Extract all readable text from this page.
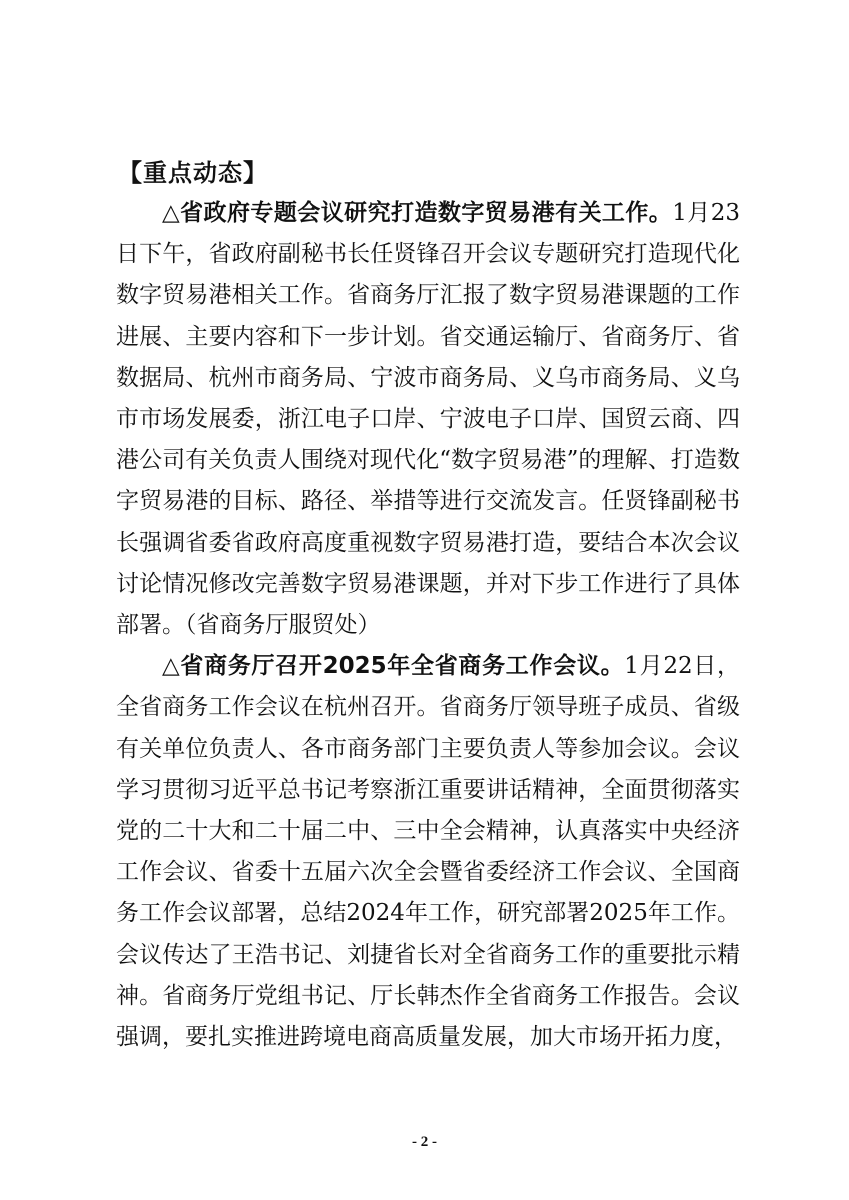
【重点动态】

△省政府专题会议研究打造数字贸易港有关工作。1月23日下午，省政府副秘书长任贤锋召开会议专题研究打造现代化数字贸易港相关工作。省商务厅汇报了数字贸易港课题的工作进展、主要内容和下一步计划。省交通运输厅、省商务厅、省数据局、杭州市商务局、宁波市商务局、义乌市商务局、义乌市市场发展委，浙江电子口岸、宁波电子口岸、国贸云商、四港公司有关负责人围绕对现代化“数字贸易港”的理解、打造数字贸易港的目标、路径、举措等进行交流发言。任贤锋副秘书长强调省委省政府高度重视数字贸易港打造，要结合本次会议讨论情况修改完善数字贸易港课题，并对下步工作进行了具体部署。（省商务厅服贸处）

△省商务厅召开2025年全省商务工作会议。1月22日，全省商务工作会议在杭州召开。省商务厅领导班子成员、省级有关单位负责人、各市商务部门主要负责人等参加会议。会议学习贯彻习近平总书记考察浙江重要讲话精神，全面贯彻落实党的二十大和二十届二中、三中全会精神，认真落实中央经济工作会议、省委十五届六次全会暨省委经济工作会议、全国商务工作会议部署，总结2024年工作，研究部署2025年工作。会议传达了王浩书记、刘捷省长对全省商务工作的重要批示精神。省商务厅党组书记、厅长韩杰作全省商务工作报告。会议强调，要扎实推进跨境电商高质量发展，加大市场开拓力度，

- 2 -
